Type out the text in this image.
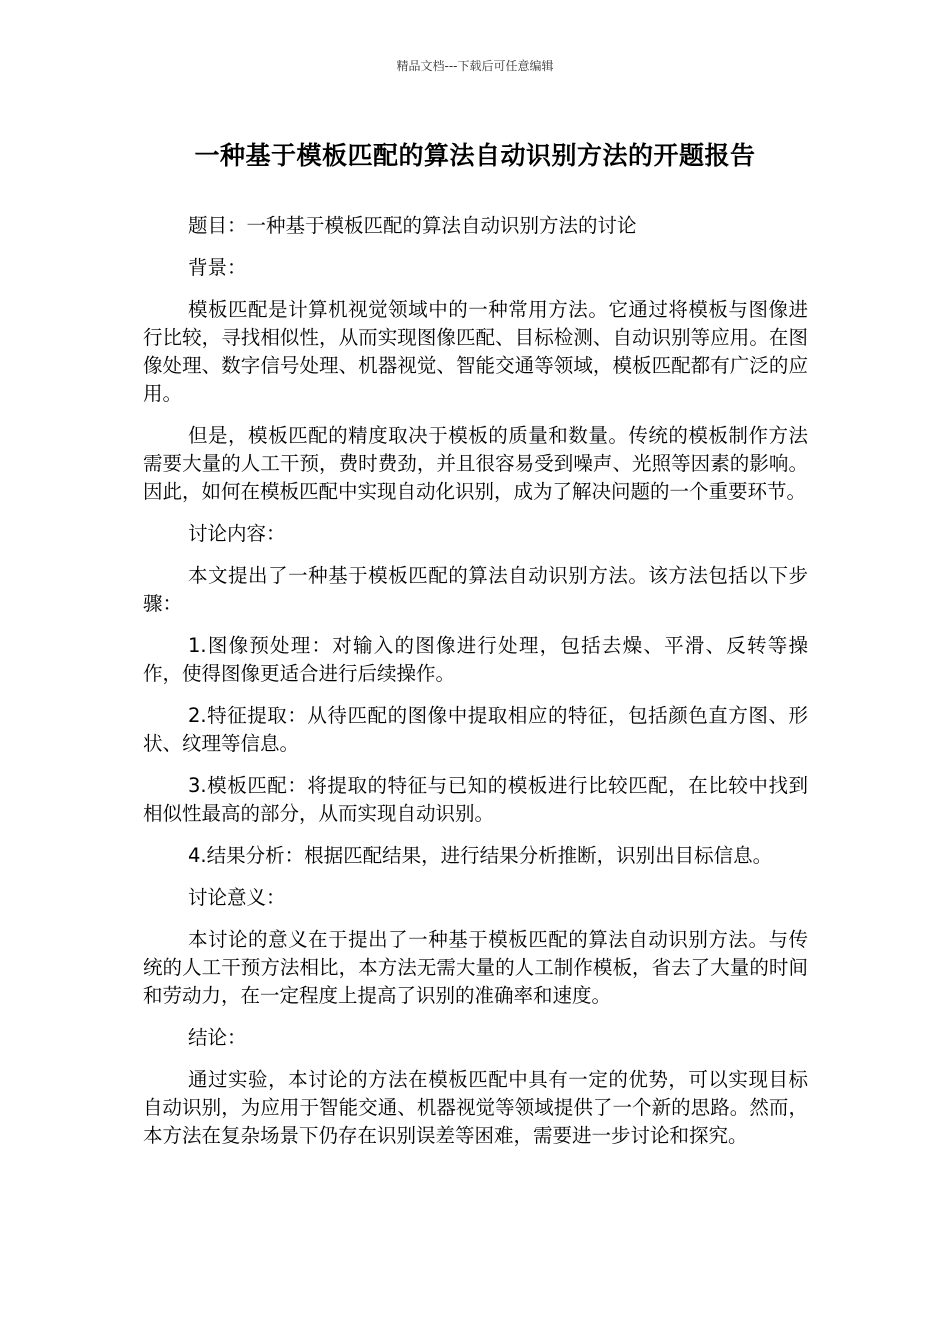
精品文档---下载后可任意编辑
一种基于模板匹配的算法自动识别方法的开题报告

题目：一种基于模板匹配的算法自动识别方法的讨论

背景：

模板匹配是计算机视觉领域中的一种常用方法。它通过将模板与图像进行比较，寻找相似性，从而实现图像匹配、目标检测、自动识别等应用。在图像处理、数字信号处理、机器视觉、智能交通等领域，模板匹配都有广泛的应用。

但是，模板匹配的精度取决于模板的质量和数量。传统的模板制作方法需要大量的人工干预，费时费劲，并且很容易受到噪声、光照等因素的影响。因此，如何在模板匹配中实现自动化识别，成为了解决问题的一个重要环节。

讨论内容：

本文提出了一种基于模板匹配的算法自动识别方法。该方法包括以下步骤：

1.图像预处理：对输入的图像进行处理，包括去燥、平滑、反转等操作，使得图像更适合进行后续操作。

2.特征提取：从待匹配的图像中提取相应的特征，包括颜色直方图、形状、纹理等信息。

3.模板匹配：将提取的特征与已知的模板进行比较匹配，在比较中找到相似性最高的部分，从而实现自动识别。

4.结果分析：根据匹配结果，进行结果分析推断，识别出目标信息。

讨论意义：

本讨论的意义在于提出了一种基于模板匹配的算法自动识别方法。与传统的人工干预方法相比，本方法无需大量的人工制作模板，省去了大量的时间和劳动力，在一定程度上提高了识别的准确率和速度。

结论：

通过实验，本讨论的方法在模板匹配中具有一定的优势，可以实现目标自动识别，为应用于智能交通、机器视觉等领域提供了一个新的思路。然而，本方法在复杂场景下仍存在识别误差等困难，需要进一步讨论和探究。
